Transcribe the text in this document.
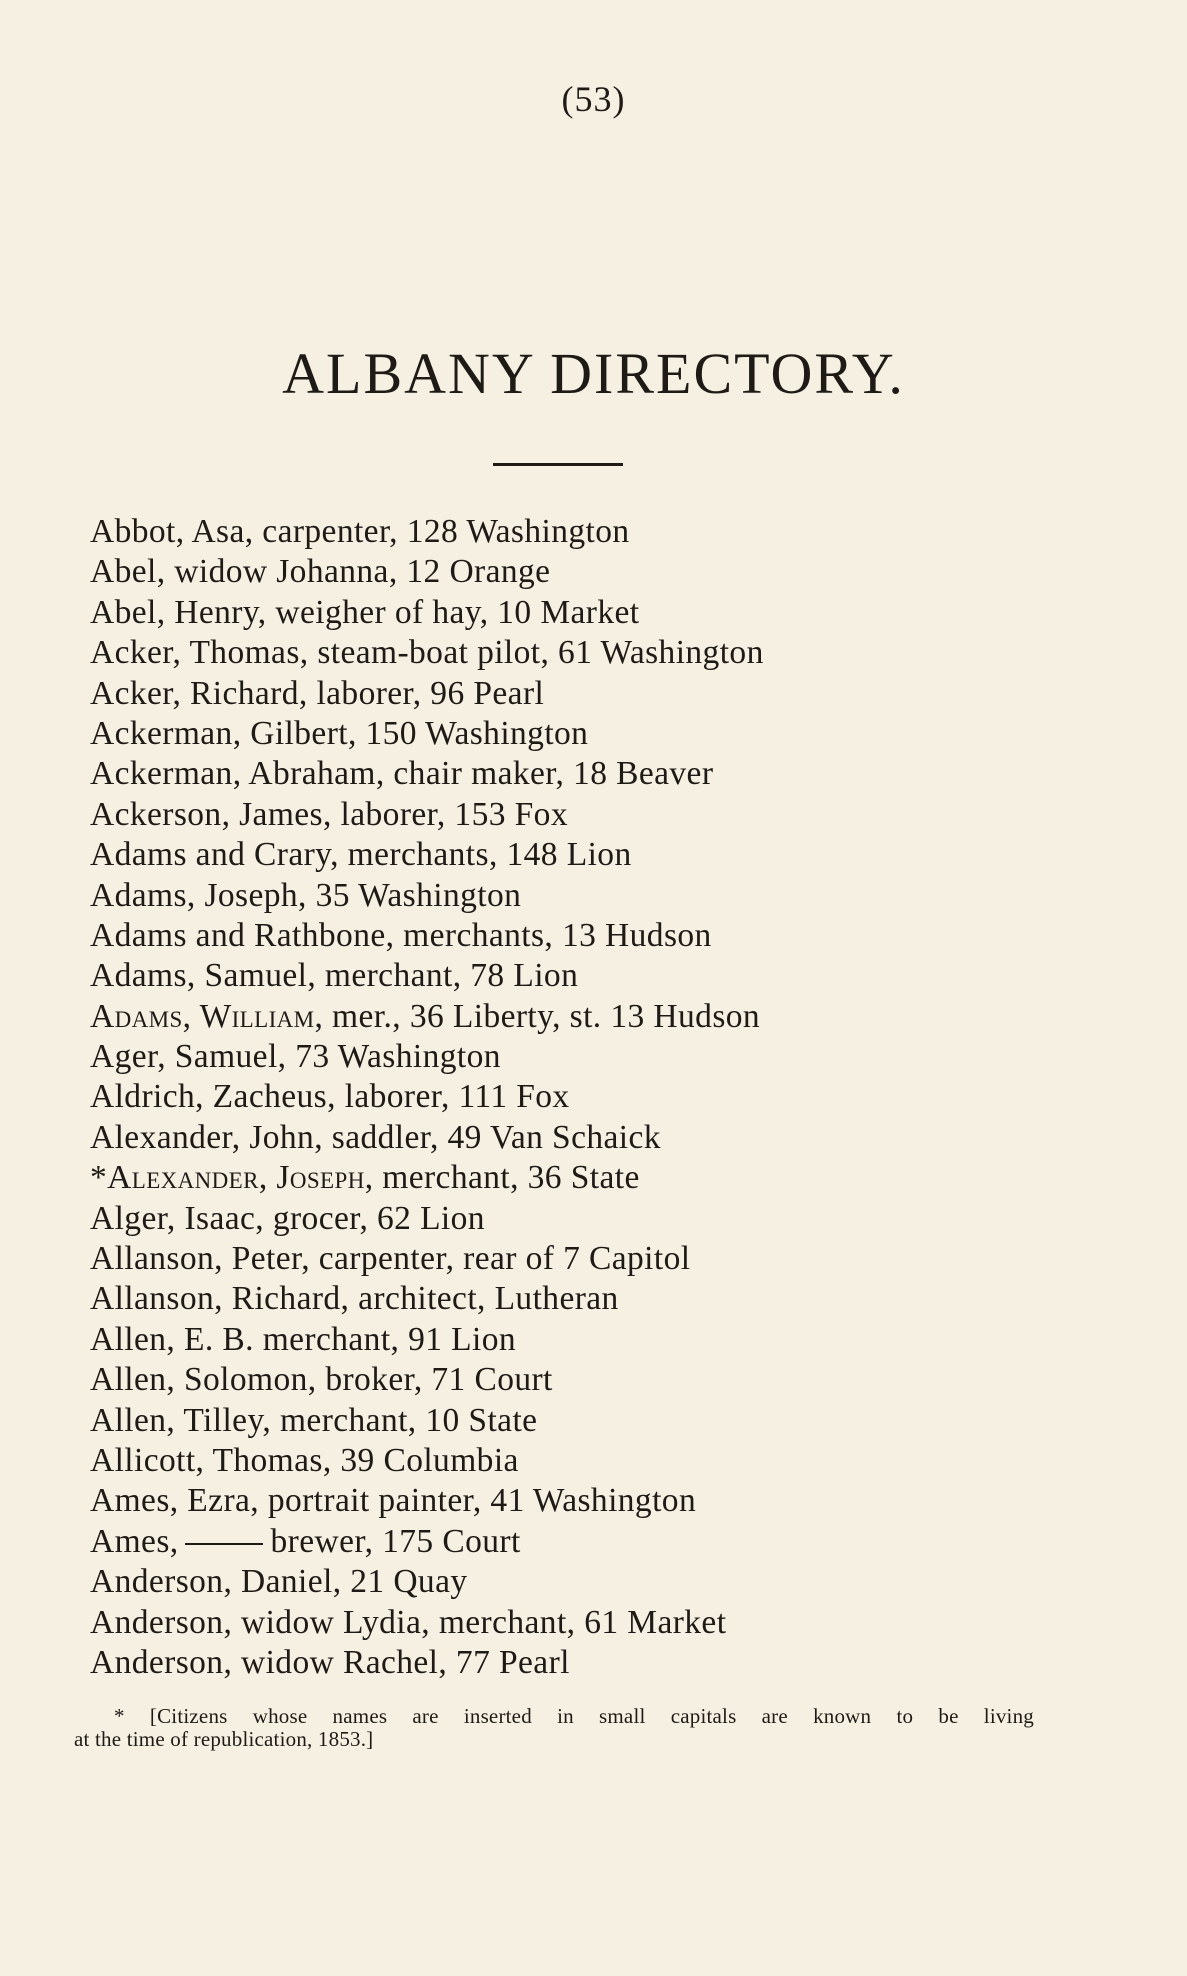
(53)
ALBANY DIRECTORY.
Abbot, Asa, carpenter, 128 Washington
Abel, widow Johanna, 12 Orange
Abel, Henry, weigher of hay, 10 Market
Acker, Thomas, steam-boat pilot, 61 Washington
Acker, Richard, laborer, 96 Pearl
Ackerman, Gilbert, 150 Washington
Ackerman, Abraham, chair maker, 18 Beaver
Ackerson, James, laborer, 153 Fox
Adams and Crary, merchants, 148 Lion
Adams, Joseph, 35 Washington
Adams and Rathbone, merchants, 13 Hudson
Adams, Samuel, merchant, 78 Lion
Adams, William, mer., 36 Liberty, st. 13 Hudson
Ager, Samuel, 73 Washington
Aldrich, Zacheus, laborer, 111 Fox
Alexander, John, saddler, 49 Van Schaick
*Alexander, Joseph, merchant, 36 State
Alger, Isaac, grocer, 62 Lion
Allanson, Peter, carpenter, rear of 7 Capitol
Allanson, Richard, architect, Lutheran
Allen, E. B. merchant, 91 Lion
Allen, Solomon, broker, 71 Court
Allen, Tilley, merchant, 10 State
Allicott, Thomas, 39 Columbia
Ames, Ezra, portrait painter, 41 Washington
Ames,	brewer, 175 Court
Anderson, Daniel, 21 Quay
Anderson, widow Lydia, merchant, 61 Market
Anderson, widow Rachel, 77 Pearl
* [Citizens whose names are inserted in small capitals are known to be living
at the time of republication, 1853.]
